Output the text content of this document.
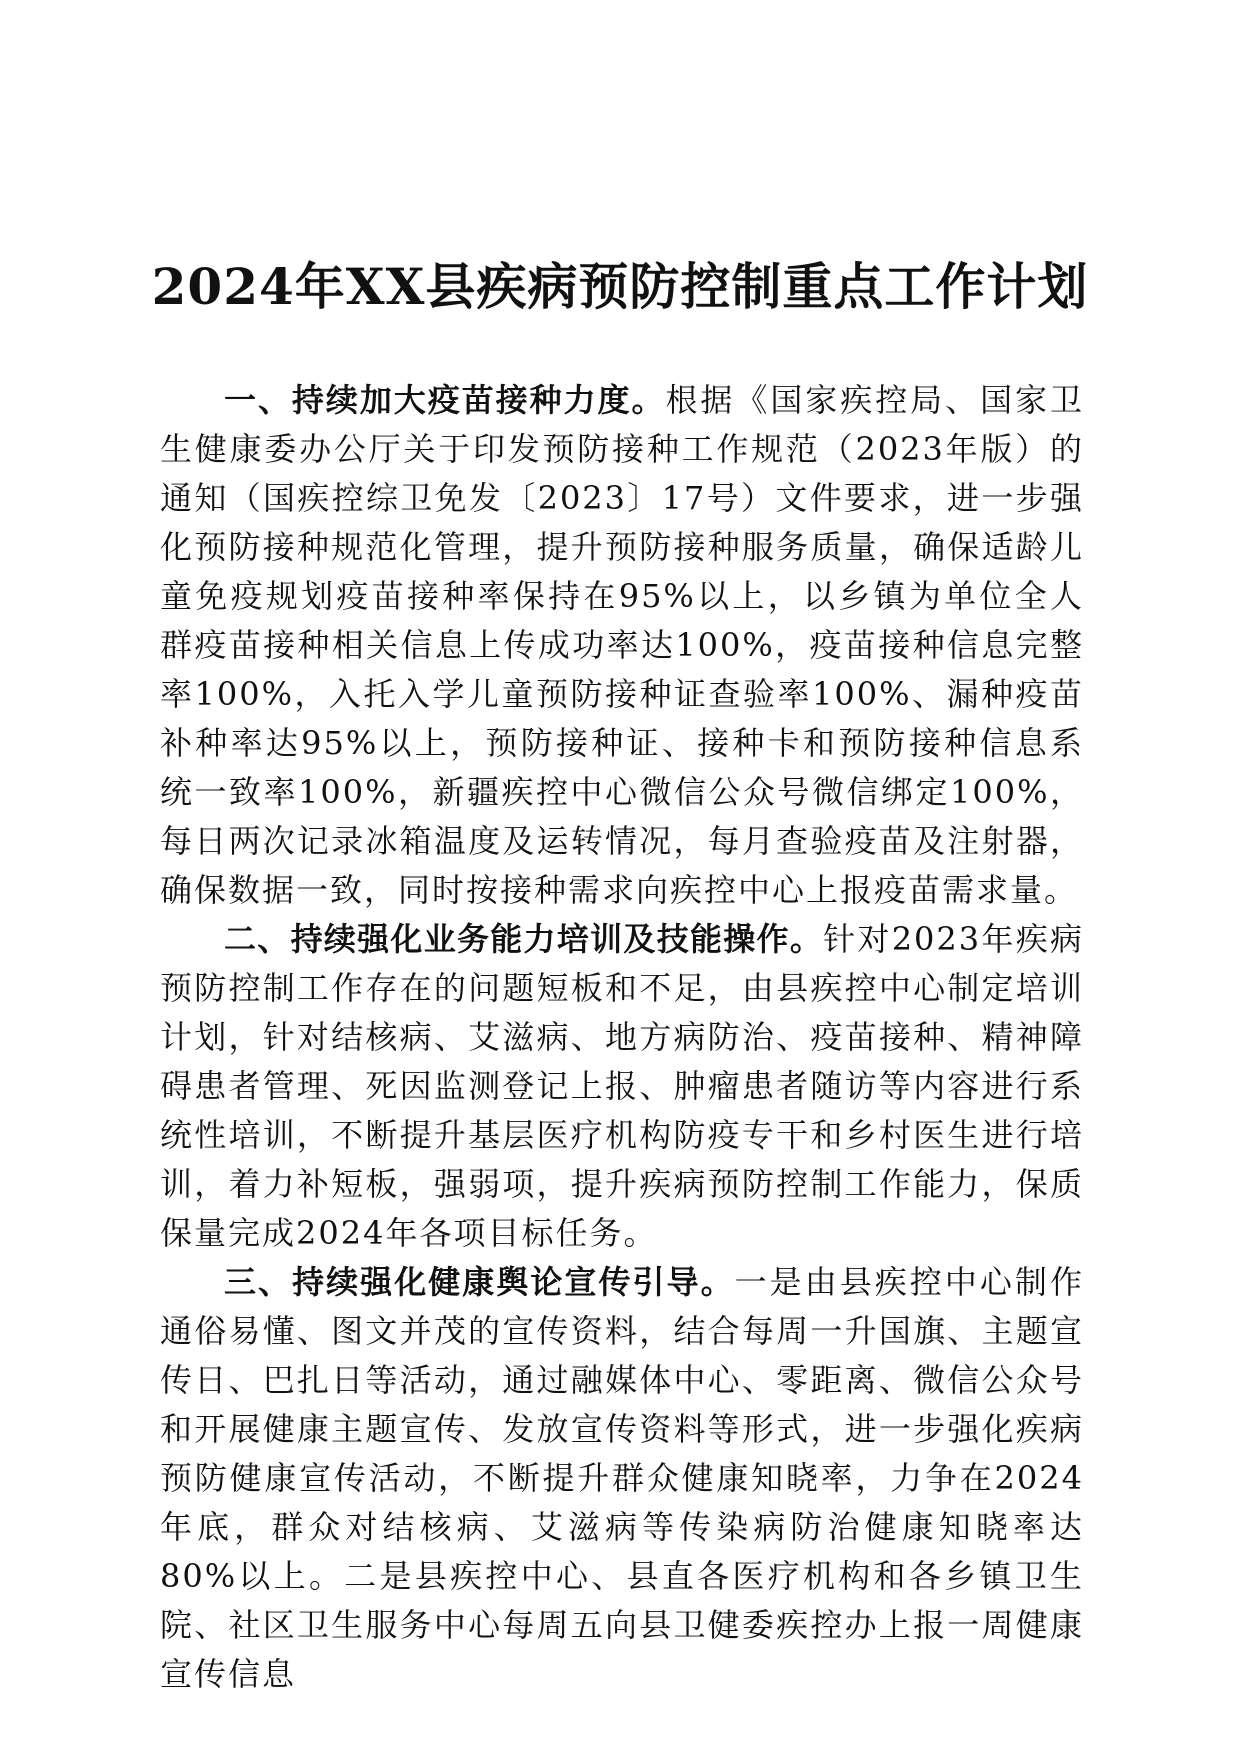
2024年XX县疾病预防控制重点工作计划

一、持续加大疫苗接种力度。根据《国家疾控局、国家卫生健康委办公厅关于印发预防接种工作规范（2023年版）的通知（国疾控综卫免发〔2023〕17号）文件要求，进一步强化预防接种规范化管理，提升预防接种服务质量，确保适龄儿童免疫规划疫苗接种率保持在95%以上，以乡镇为单位全人群疫苗接种相关信息上传成功率达100%，疫苗接种信息完整率100%，入托入学儿童预防接种证查验率100%、漏种疫苗补种率达95%以上，预防接种证、接种卡和预防接种信息系统一致率100%，新疆疾控中心微信公众号微信绑定100%，每日两次记录冰箱温度及运转情况，每月查验疫苗及注射器，确保数据一致，同时按接种需求向疾控中心上报疫苗需求量。

二、持续强化业务能力培训及技能操作。针对2023年疾病预防控制工作存在的问题短板和不足，由县疾控中心制定培训计划，针对结核病、艾滋病、地方病防治、疫苗接种、精神障碍患者管理、死因监测登记上报、肿瘤患者随访等内容进行系统性培训，不断提升基层医疗机构防疫专干和乡村医生进行培训，着力补短板，强弱项，提升疾病预防控制工作能力，保质保量完成2024年各项目标任务。

三、持续强化健康舆论宣传引导。一是由县疾控中心制作通俗易懂、图文并茂的宣传资料，结合每周一升国旗、主题宣传日、巴扎日等活动，通过融媒体中心、零距离、微信公众号和开展健康主题宣传、发放宣传资料等形式，进一步强化疾病预防健康宣传活动，不断提升群众健康知晓率，力争在2024年底，群众对结核病、艾滋病等传染病防治健康知晓率达80%以上。二是县疾控中心、县直各医疗机构和各乡镇卫生院、社区卫生服务中心每周五向县卫健委疾控办上报一周健康宣传信息
